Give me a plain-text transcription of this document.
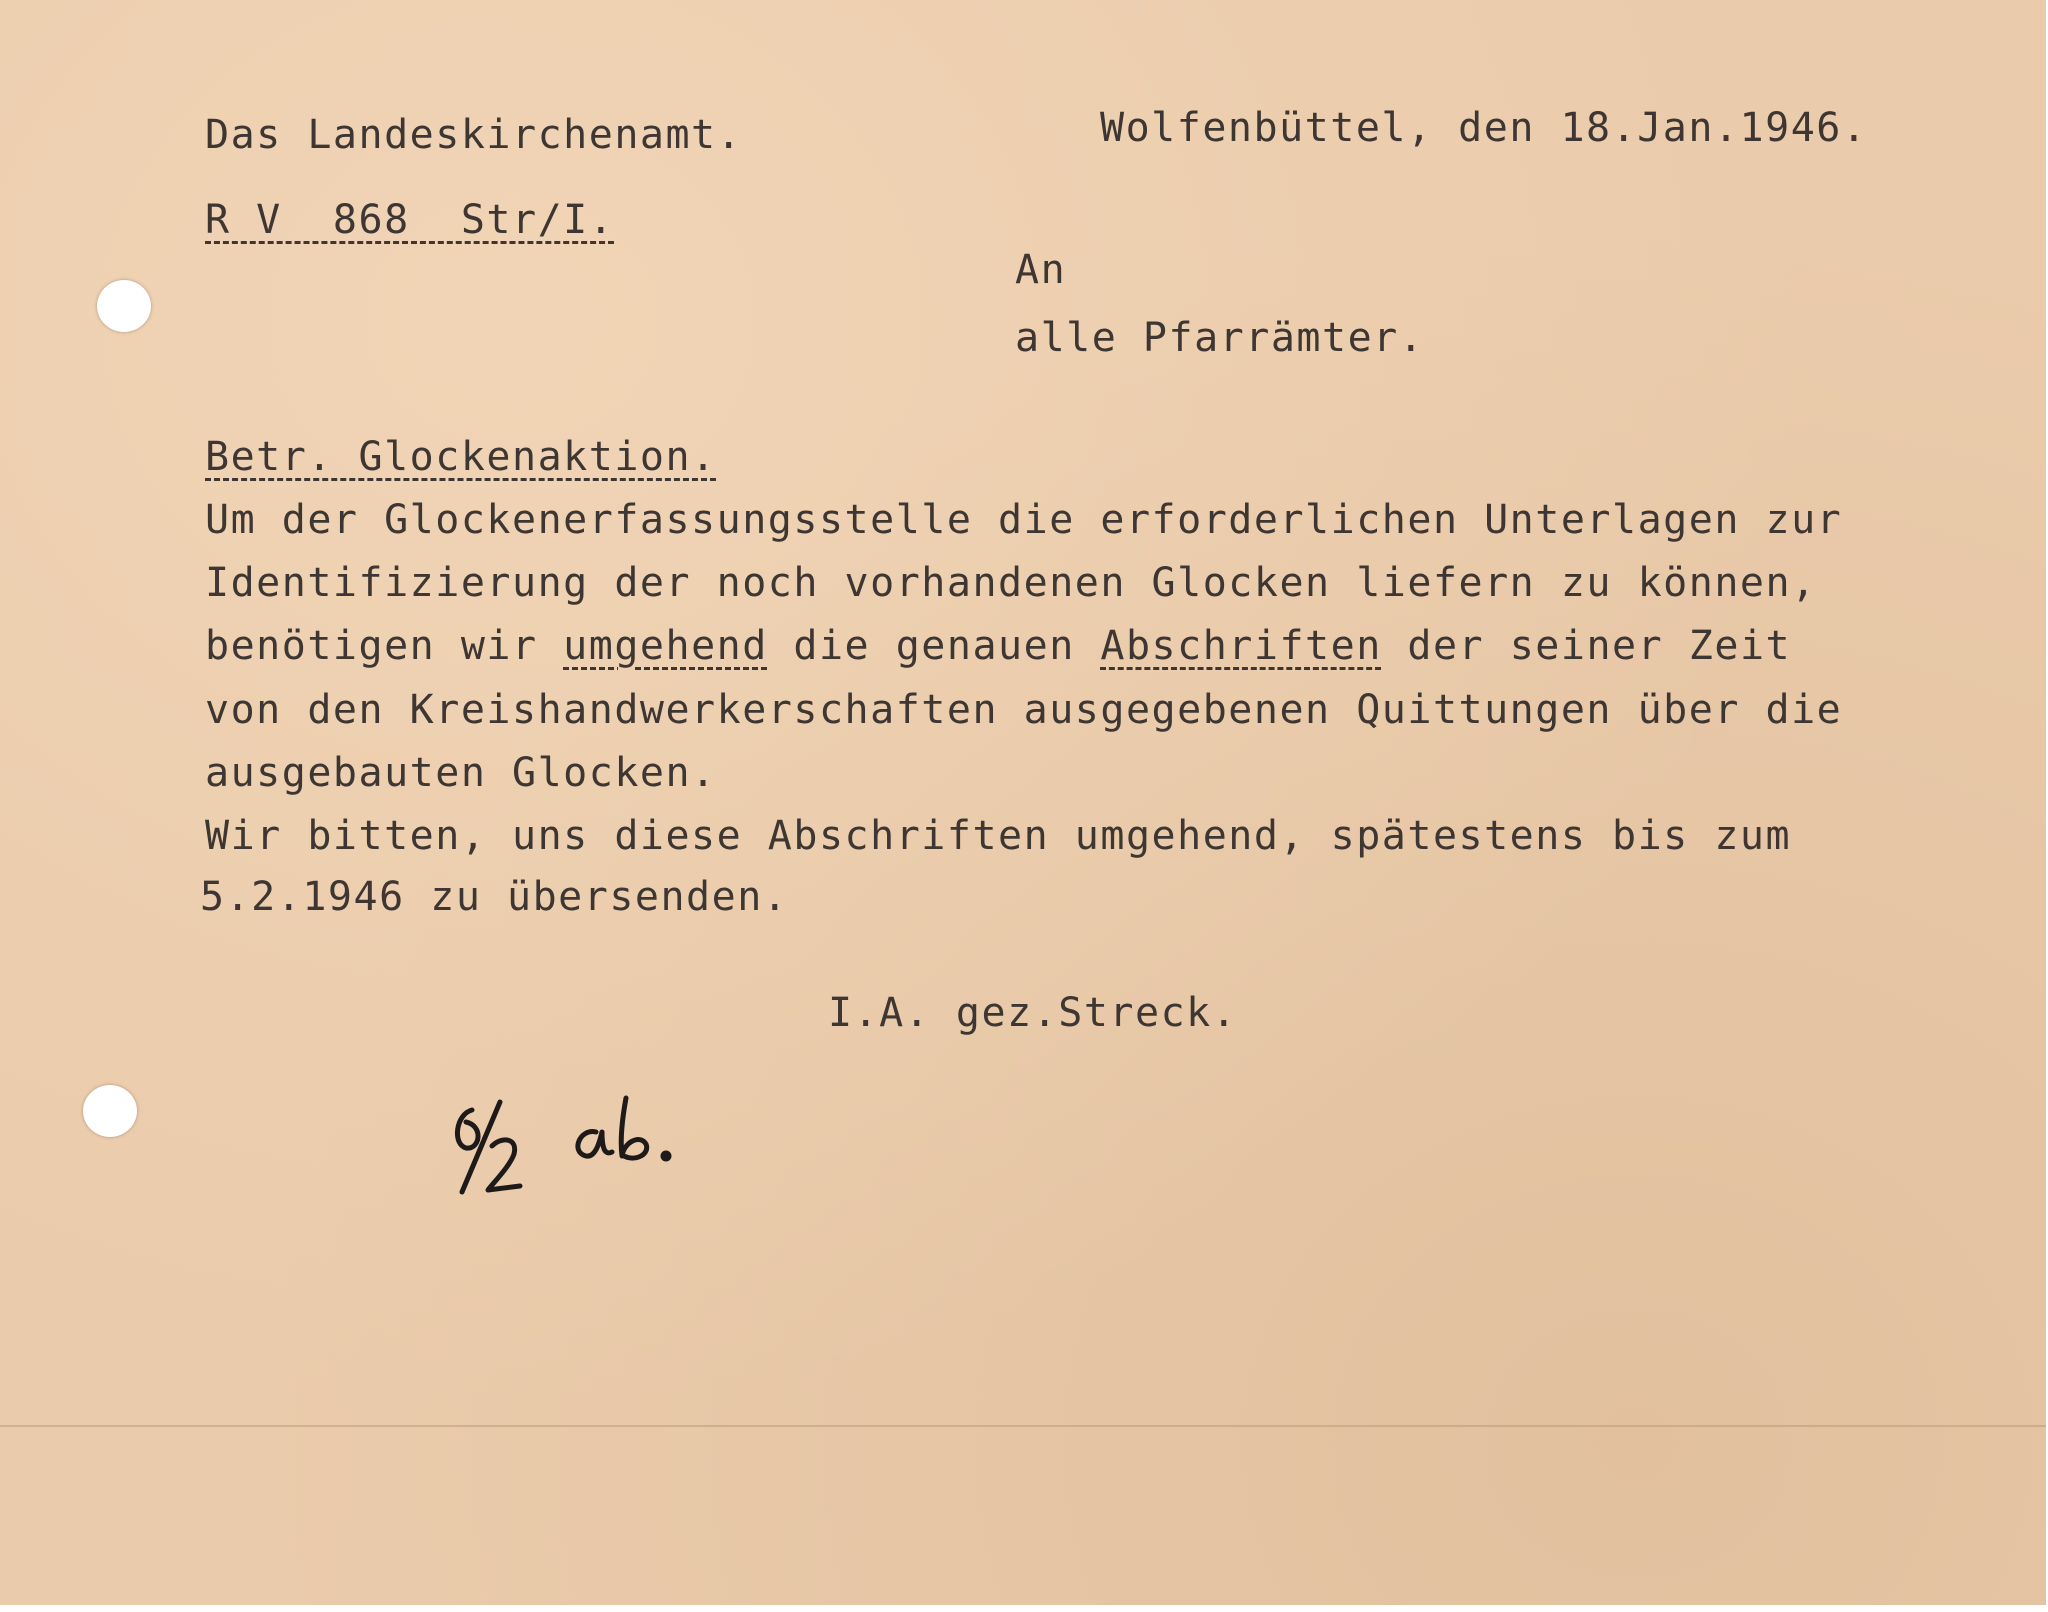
Das Landeskirchenamt.	Wolfenbüttel, den 18.Jan.1946.
R V  868  Str/I.
An
alle Pfarrämter.
Betr. Glockenaktion.
Um der Glockenerfassungsstelle die erforderlichen Unterlagen zur
Identifizierung der noch vorhandenen Glocken liefern zu können,
benötigen wir umgehend die genauen Abschriften der seiner Zeit
von den Kreishandwerkerschaften ausgegebenen Quittungen über die
ausgebauten Glocken.
Wir bitten, uns diese Abschriften umgehend, spätestens bis zum
5.2.1946 zu übersenden.
I.A. gez.Streck.
